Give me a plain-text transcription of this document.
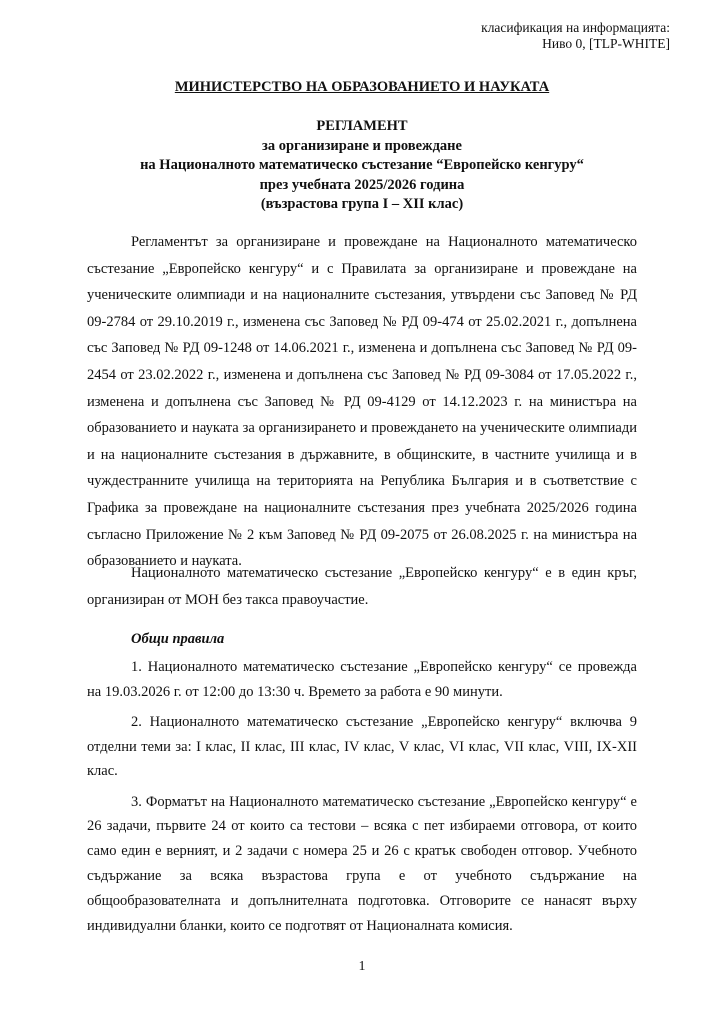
класификация на информацията:
Ниво 0, [TLP-WHITE]
МИНИСТЕРСТВО НА ОБРАЗОВАНИЕТО И НАУКАТА
РЕГЛАМЕНТ
за организиране и провеждане
на Националното математическо състезание “Европейско кенгуру“
през учебната 2025/2026 година
(възрастова група I – XII клас)

Регламентът за организиране и провеждане на Националното математическо състезание „Европейско кенгуру“ и с Правилата за организиране и провеждане на ученическите олимпиади и на националните състезания, утвърдени със Заповед № РД 09-2784 от 29.10.2019 г., изменена със Заповед № РД 09-474 от 25.02.2021 г., допълнена със Заповед № РД 09-1248 от 14.06.2021 г., изменена и допълнена със Заповед № РД 09-2454 от 23.02.2022 г., изменена и допълнена със Заповед № РД 09-3084 от 17.05.2022 г., изменена и допълнена със Заповед № РД 09-4129 от 14.12.2023 г. на министъра на образованието и науката за организирането и провеждането на ученическите олимпиади и на националните състезания в държавните, в общинските, в частните училища и в чуждестранните училища на територията на Република България и в съответствие с Графика за провеждане на националните състезания през учебната 2025/2026 година съгласно Приложение № 2 към Заповед № РД 09-2075 от 26.08.2025 г. на министъра на образованието и науката.

Националното математическо състезание „Европейско кенгуру“ е в един кръг, организиран от МОН без такса правоучастие.

Общи правила

1. Националното математическо състезание „Европейско кенгуру“ се провежда на 19.03.2026 г. от 12:00 до 13:30 ч. Времето за работа е 90 минути.

2. Националното математическо състезание „Европейско кенгуру“ включва 9 отделни теми за: I клас, II клас, III клас, IV клас, V клас, VI клас, VII клас, VIII, IX-XII клас.

3. Форматът на Националното математическо състезание „Европейско кенгуру“ е 26 задачи, първите 24 от които са тестови – всяка с пет избираеми отговора, от които само един е верният, и 2 задачи с номера 25 и 26 с кратък свободен отговор. Учебното съдържание за всяка възрастова група е от учебното съдържание на общообразователната и допълнителната подготовка. Отговорите се нанасят върху индивидуални бланки, които се подготвят от Националната комисия.

1
